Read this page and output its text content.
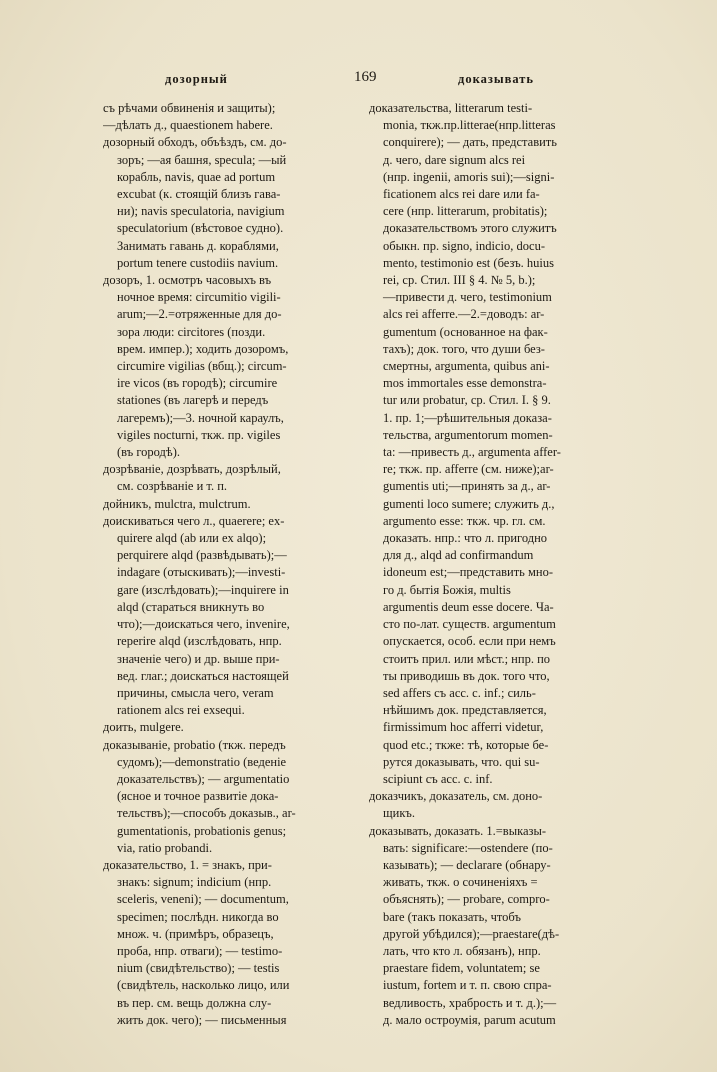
дозорный	169	доказывать
съ рѣчами обвиненія и защиты);
—дѣлать д., quaestionem habere.
дозорный обходъ, объѣздъ, см. до-
зоръ; —ая башня, specula; —ый
корабль, navis, quae ad portum
excubat (к. стоящій близъ гава-
ни); navis speculatoria, navigium
speculatorium (вѣстовое судно).
Занимать гавань д. кораблями,
portum tenere custodiis navium.
дозоръ, 1. осмотръ часовыхъ въ
ночное время: circumitio vigili-
arum;—2.=отряженные для до-
зора люди: circitores (позди.
врем. импер.); ходить дозоромъ,
circumire vigilias (вбщ.); circum-
ire vicos (въ городѣ); circumire
stationes (въ лагерѣ и передъ
лагеремъ);—3. ночной караулъ,
vigiles nocturni, ткж. пр. vigiles
(въ городѣ).
дозрѣваніе, дозрѣвать, дозрѣлый,
см. созрѣваніе и т. п.
дойникъ, mulctra, mulctrum.
доискиваться чего л., quaerere; ex-
quirere alqd (ab или ex alqo);
perquirere alqd (развѣдывать);—
indagare (отыскивать);—investi-
gare (изслѣдовать);—inquirere in
alqd (стараться вникнуть во
что);—доискаться чего, invenire,
reperire alqd (изслѣдовать, нпр.
значеніе чего) и др. выше при-
вед. глаг.; доискаться настоящей
причины, смысла чего, veram
rationem alcs rei exsequi.
доить, mulgere.
доказываніе, probatio (ткж. передъ
судомъ);—demonstratio (веденіе
доказательствъ); — argumentatio
(ясное и точное развитіе дока-
тельствъ);—способъ доказыв., ar-
gumentationis, probationis genus;
via, ratio probandi.
доказательство, 1. = знакъ, при-
знакъ: signum; indicium (нпр.
sceleris, veneni); — documentum,
specimen; послѣдн. никогда во
множ. ч. (примѣръ, образецъ,
проба, нпр. отваги); — testimo-
nium (свидѣтельство); — testis
(свидѣтель, насколько лицо, или
въ пер. см. вещь должна слу-
жить док. чего); — письменныя
доказательства, litterarum testi-
monia, ткж.пр.litterae(нпр.litteras
conquirere); — дать, представить
д. чего, dare signum alcs rei
(нпр. ingenii, amoris sui);—signi-
ficationem alcs rei dare или fa-
cere (нпр. litterarum, probitatis);
доказательствомъ этого служитъ
обыкн. пр. signo, indicio, docu-
mento, testimonio est (безъ. huius
rei, ср. Стил. III § 4. № 5, b.);
—привести д. чего, testimonium
alcs rei afferre.—2.=доводъ: ar-
gumentum (основанное на фак-
тахъ); док. того, что души без-
смертны, argumenta, quibus ani-
mos immortales esse demonstra-
tur или probatur, ср. Стил. I. § 9.
1. пр. 1;—рѣшительныя доказа-
тельства, argumentorum momen-
ta: —привесть д., argumenta affer-
re; ткж. пр. afferre (см. ниже);ar-
gumentis uti;—принять за д., ar-
gumenti loco sumere; служить д.,
argumento esse: ткж. чр. гл. см.
доказать. нпр.: что л. пригодно
для д., alqd ad confirmandum
idoneum est;—представить мно-
го д. бытія Божія, multis
argumentis deum esse docere. Ча-
сто по-лат. существ. argumentum
опускается, особ. если при немъ
стоитъ прил. или мѣст.; нпр. по
ты приводишь въ док. того что,
sed affers съ acc. c. inf.; силь-
нѣйшимъ док. представляется,
firmissimum hoc afferri videtur,
quod etc.; ткже: тѣ, которые бе-
рутся доказывать, что. qui su-
scipiunt съ acc. c. inf.
доказчикъ, доказатель, см. доно-
щикъ.
доказывать, доказать. 1.=выказы-
вать: significare:—ostendere (по-
казывать); — declarare (обнару-
живать, ткж. о сочиненіяхъ =
объяснять); — probare, compro-
bare (такъ показать, чтобъ
другой убѣдился);—praestare(дѣ-
лать, что кто л. обязанъ), нпр.
praestare fidem, voluntatem; se
iustum, fortem и т. п. свою спра-
ведливость, храбрость и т. д.);—
д. мало остроумія, parum acutum
